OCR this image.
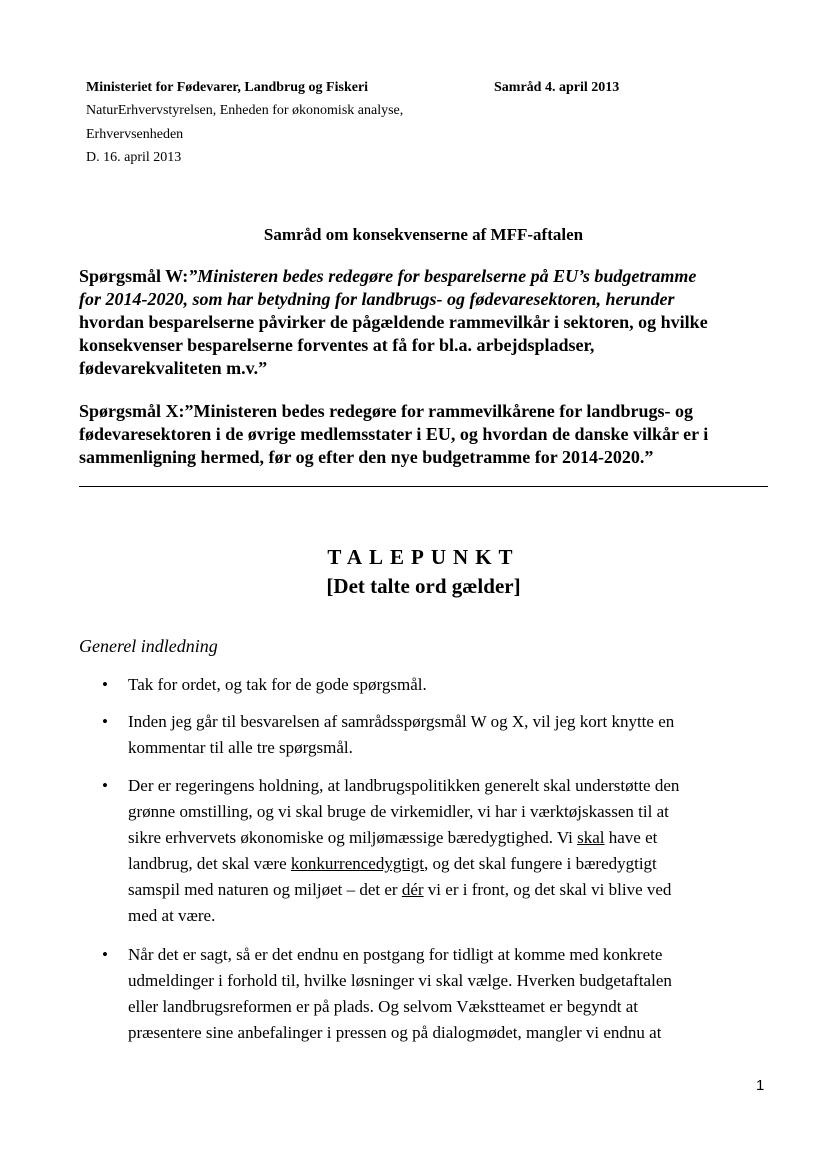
Ministeriet for Fødevarer, Landbrug og Fiskeri	Samråd 4. april 2013
NaturErhvervstyrelsen, Enheden for økonomisk analyse,
Erhvervsenheden
D. 16. april 2013
Samråd om konsekvenserne af MFF-aftalen
Spørgsmål W:”Ministeren bedes redegøre for besparelserne på EU’s budgetramme
for 2014-2020, som har betydning for landbrugs- og fødevaresektoren, herunder
hvordan besparelserne påvirker de pågældende rammevilkår i sektoren, og hvilke
konsekvenser besparelserne forventes at få for bl.a. arbejdspladser,
fødevarekvaliteten m.v.”
Spørgsmål X:”Ministeren bedes redegøre for rammevilkårene for landbrugs- og
fødevaresektoren i de øvrige medlemsstater i EU, og hvordan de danske vilkår er i
sammenligning hermed, før og efter den nye budgetramme for 2014-2020.”
TALEPUNKT
[Det talte ord gælder]
Generel indledning
• Tak for ordet, og tak for de gode spørgsmål.
• Inden jeg går til besvarelsen af samrådsspørgsmål W og X, vil jeg kort knytte en
kommentar til alle tre spørgsmål.
• Der er regeringens holdning, at landbrugspolitikken generelt skal understøtte den
grønne omstilling, og vi skal bruge de virkemidler, vi har i værktøjskassen til at
sikre erhvervets økonomiske og miljømæssige bæredygtighed. Vi skal have et
landbrug, det skal være konkurrencedygtigt, og det skal fungere i bæredygtigt
samspil med naturen og miljøet – det er dér vi er i front, og det skal vi blive ved
med at være.
• Når det er sagt, så er det endnu en postgang for tidligt at komme med konkrete
udmeldinger i forhold til, hvilke løsninger vi skal vælge. Hverken budgetaftalen
eller landbrugsreformen er på plads. Og selvom Vækstteamet er begyndt at
præsentere sine anbefalinger i pressen og på dialogmødet, mangler vi endnu at
1
